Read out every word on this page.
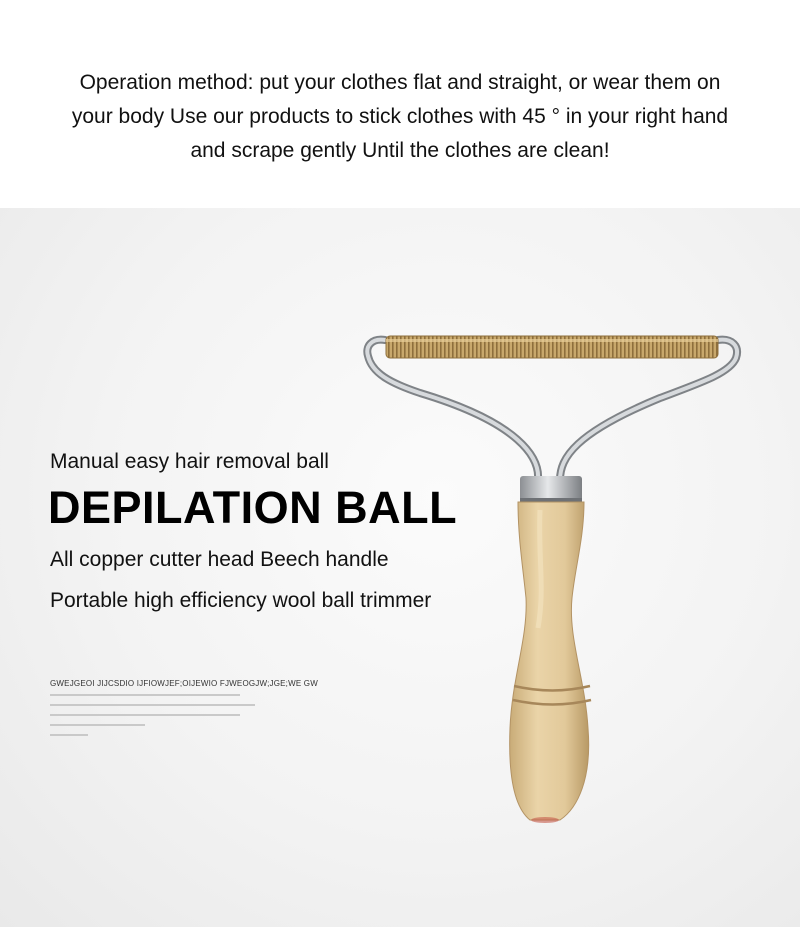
Operation method: put your clothes flat and straight, or wear them on
your body Use our products to stick clothes with 45 ° in your right hand
and scrape gently Until the clothes are clean!
Manual easy hair removal ball
DEPILATION BALL
All copper cutter head Beech handle
Portable high efficiency wool ball trimmer
GWEJGEOI JIJCSDIO IJFIOWJEF;OIJEWIO FJWEOGJW;JGE;WE GW
